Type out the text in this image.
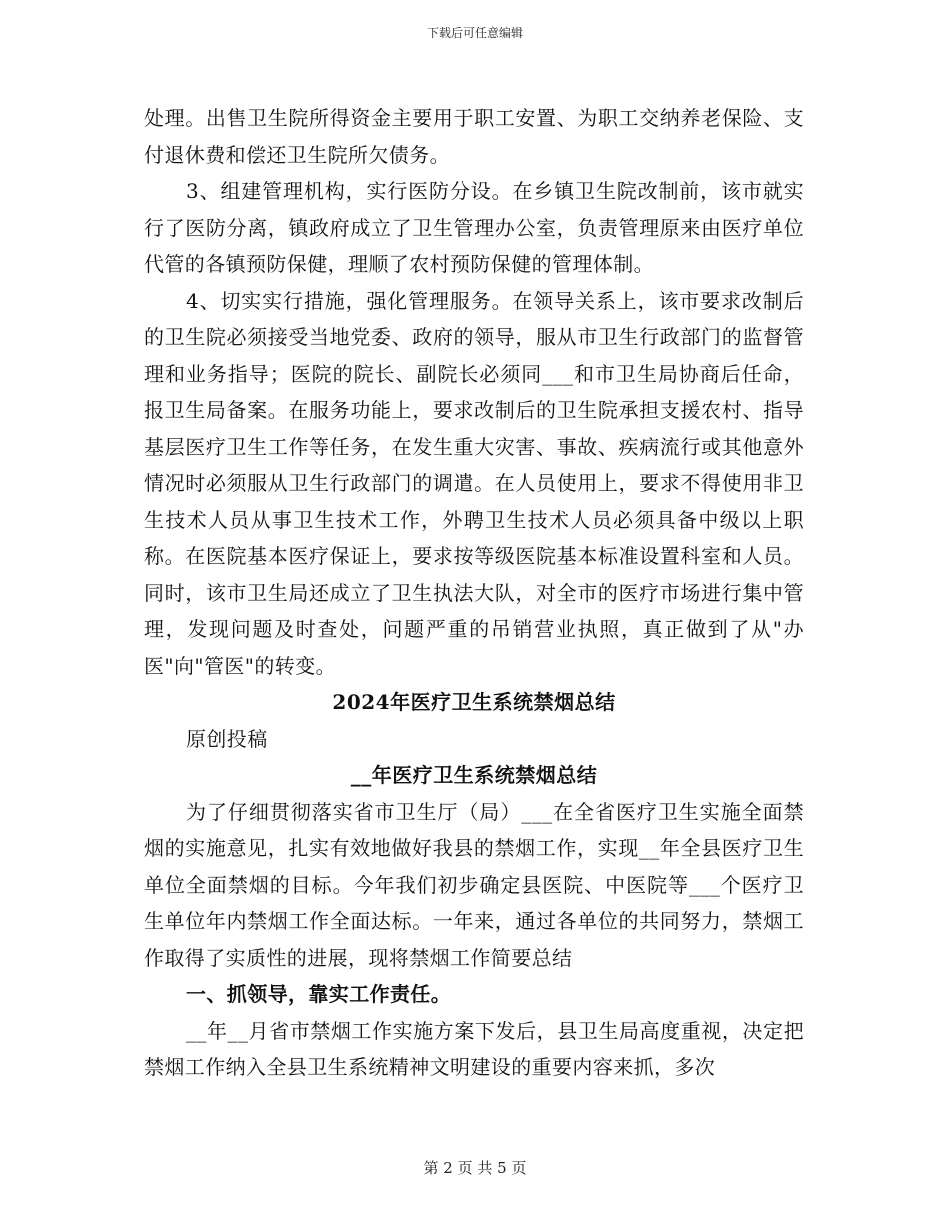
下载后可任意编辑

处理。出售卫生院所得资金主要用于职工安置、为职工交纳养老保险、支付退休费和偿还卫生院所欠债务。

3、组建管理机构，实行医防分设。在乡镇卫生院改制前，该市就实行了医防分离，镇政府成立了卫生管理办公室，负责管理原来由医疗单位代管的各镇预防保健，理顺了农村预防保健的管理体制。

4、切实实行措施，强化管理服务。在领导关系上，该市要求改制后的卫生院必须接受当地党委、政府的领导，服从市卫生行政部门的监督管理和业务指导；医院的院长、副院长必须同___和市卫生局协商后任命，报卫生局备案。在服务功能上，要求改制后的卫生院承担支援农村、指导基层医疗卫生工作等任务，在发生重大灾害、事故、疾病流行或其他意外情况时必须服从卫生行政部门的调遣。在人员使用上，要求不得使用非卫生技术人员从事卫生技术工作，外聘卫生技术人员必须具备中级以上职称。在医院基本医疗保证上，要求按等级医院基本标准设置科室和人员。同时，该市卫生局还成立了卫生执法大队，对全市的医疗市场进行集中管理，发现问题及时查处，问题严重的吊销营业执照，真正做到了从"办医"向"管医"的转变。

2024年医疗卫生系统禁烟总结

原创投稿

__年医疗卫生系统禁烟总结

为了仔细贯彻落实省市卫生厅（局）___在全省医疗卫生实施全面禁烟的实施意见，扎实有效地做好我县的禁烟工作，实现__年全县医疗卫生单位全面禁烟的目标。今年我们初步确定县医院、中医院等___个医疗卫生单位年内禁烟工作全面达标。一年来，通过各单位的共同努力，禁烟工作取得了实质性的进展，现将禁烟工作简要总结

一、抓领导，靠实工作责任。

__年__月省市禁烟工作实施方案下发后，县卫生局高度重视，决定把禁烟工作纳入全县卫生系统精神文明建设的重要内容来抓，多次

第 2 页 共 5 页
